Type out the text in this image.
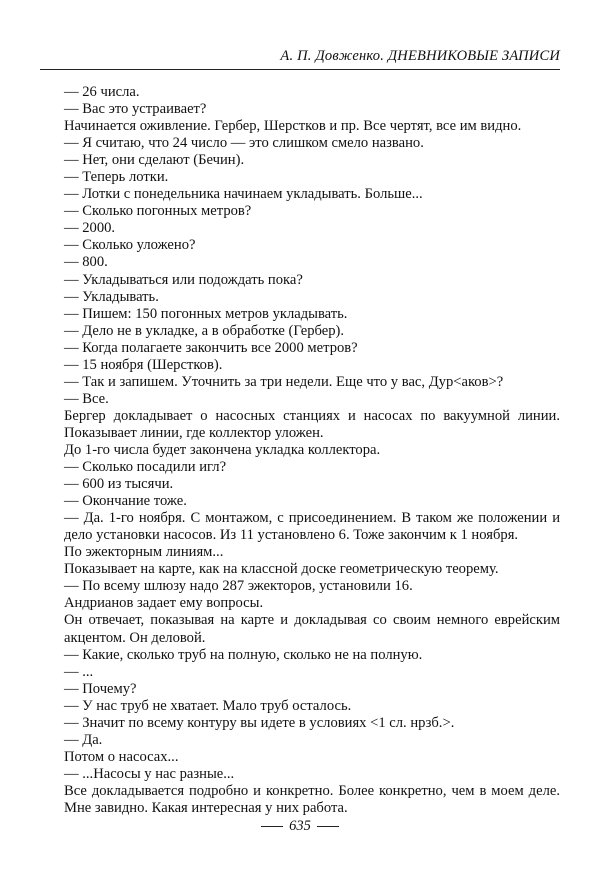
А. П. Довженко. ДНЕВНИКОВЫЕ ЗАПИСИ

— 26 числа.

— Вас это устраивает?

Начинается оживление. Гербер, Шерстков и пр. Все чертят, все им видно.

— Я считаю, что 24 число — это слишком смело названо.

— Нет, они сделают (Бечин).

— Теперь лотки.

— Лотки с понедельника начинаем укладывать. Больше...

— Сколько погонных метров?

— 2000.

— Сколько уложено?

— 800.

— Укладываться или подождать пока?

— Укладывать.

— Пишем: 150 погонных метров укладывать.

— Дело не в укладке, а в обработке (Гербер).

— Когда полагаете закончить все 2000 метров?

— 15 ноября (Шерстков).

— Так и запишем. Уточнить за три недели. Еще что у вас, Дур<аков>?

— Все.

Бергер докладывает о насосных станциях и насосах по вакуумной линии. Показывает линии, где коллектор уложен.

До 1-го числа будет закончена укладка коллектора.

— Сколько посадили игл?

— 600 из тысячи.

— Окончание тоже.

— Да. 1-го ноября. С монтажом, с присоединением. В таком же положении и дело установки насосов. Из 11 установлено 6. Тоже закончим к 1 ноября.

По эжекторным линиям...

Показывает на карте, как на классной доске геометрическую теорему.

— По всему шлюзу надо 287 эжекторов, установили 16.

Андрианов задает ему вопросы.

Он отвечает, показывая на карте и докладывая со своим немного еврейским акцентом. Он деловой.

— Какие, сколько труб на полную, сколько не на полную.

— ...

— Почему?

— У нас труб не хватает. Мало труб осталось.

— Значит по всему контуру вы идете в условиях <1 сл. нрзб.>.

— Да.

Потом о насосах...

— ...Насосы у нас разные...

Все докладывается подробно и конкретно. Более конкретно, чем в моем деле. Мне завидно. Какая интересная у них работа.

635
